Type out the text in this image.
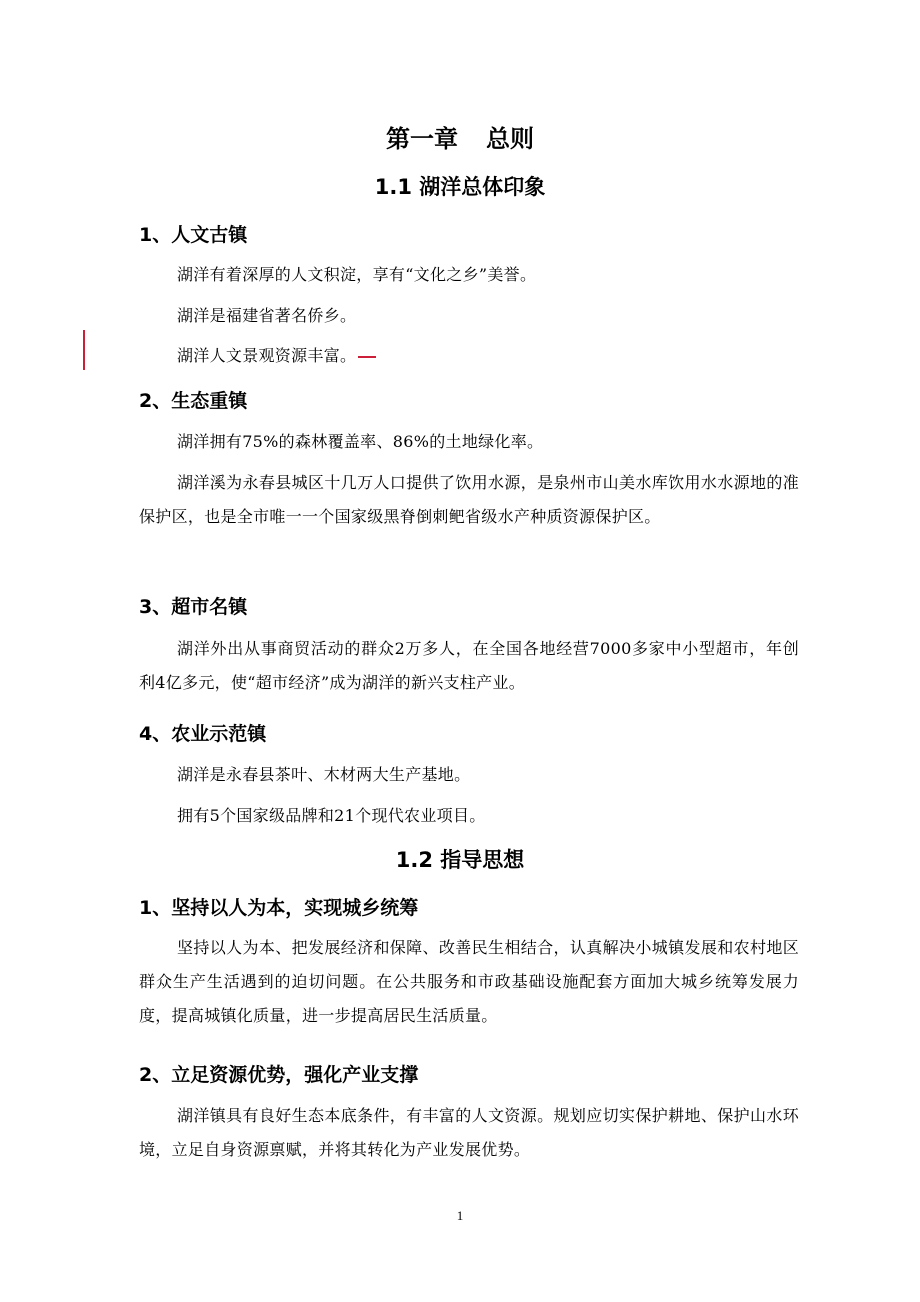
第一章 总则
1.1 湖洋总体印象
1、人文古镇
湖洋有着深厚的人文积淀，享有“文化之乡”美誉。
湖洋是福建省著名侨乡。
湖洋人文景观资源丰富。
2、生态重镇
湖洋拥有75%的森林覆盖率、86%的土地绿化率。
湖洋溪为永春县城区十几万人口提供了饮用水源，是泉州市山美水库饮用水水源地的准保护区，也是全市唯一一个国家级黑脊倒刺鲃省级水产种质资源保护区。
3、超市名镇
湖洋外出从事商贸活动的群众2万多人，在全国各地经营7000多家中小型超市，年创利4亿多元，使“超市经济”成为湖洋的新兴支柱产业。
4、农业示范镇
湖洋是永春县茶叶、木材两大生产基地。
拥有5个国家级品牌和21个现代农业项目。
1.2 指导思想
1、坚持以人为本，实现城乡统筹
坚持以人为本、把发展经济和保障、改善民生相结合，认真解决小城镇发展和农村地区群众生产生活遇到的迫切问题。在公共服务和市政基础设施配套方面加大城乡统筹发展力度，提高城镇化质量，进一步提高居民生活质量。
2、立足资源优势，强化产业支撑
湖洋镇具有良好生态本底条件，有丰富的人文资源。规划应切实保护耕地、保护山水环境，立足自身资源禀赋，并将其转化为产业发展优势。
1
